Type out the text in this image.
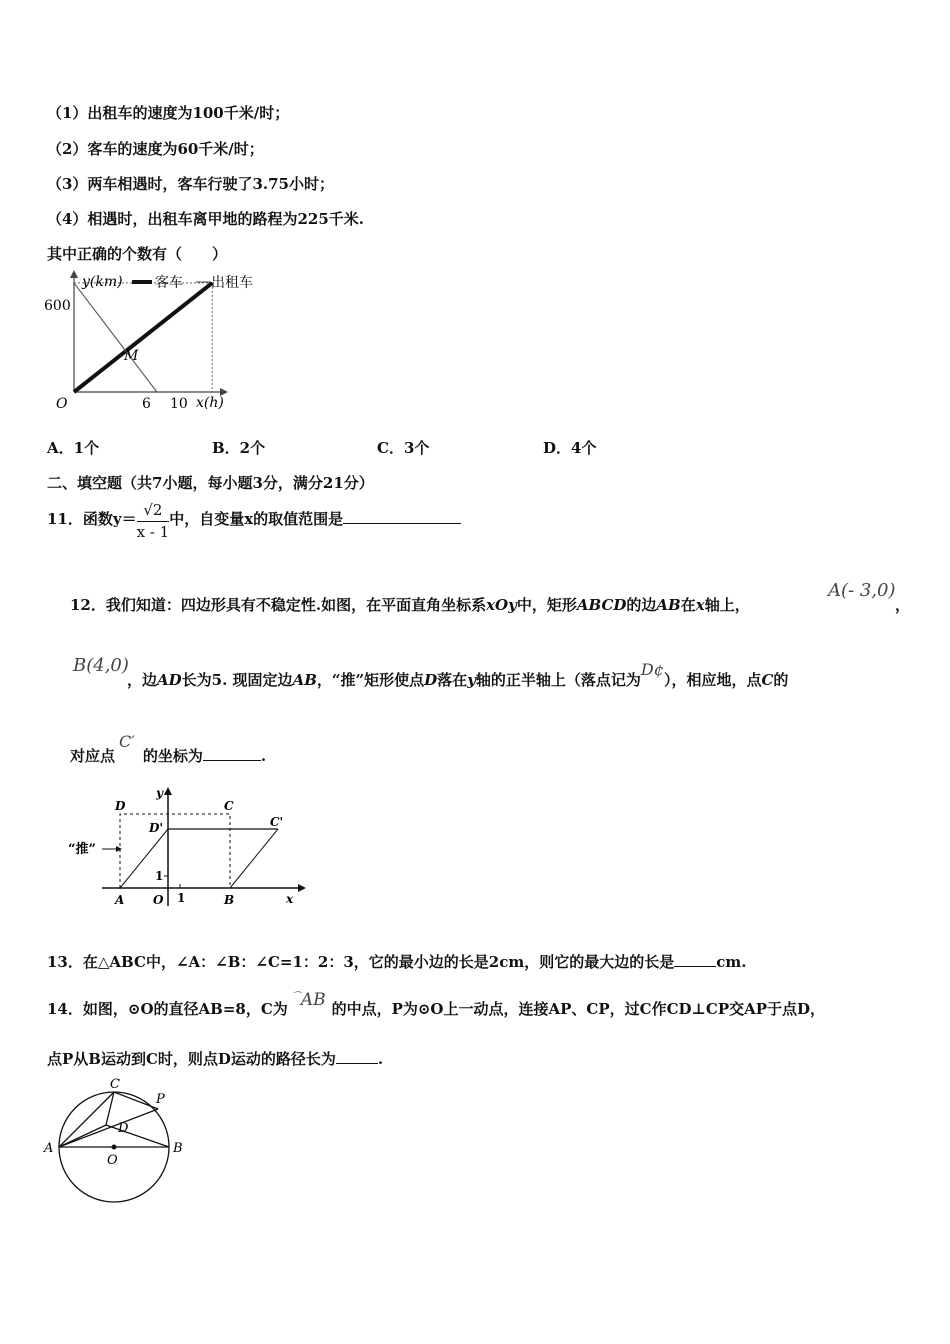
（1）出租车的速度为100千米/时；
（2）客车的速度为60千米/时；
（3）两车相遇时，客车行驶了3.75小时；
（4）相遇时，出租车离甲地的路程为225千米.
其中正确的个数有（　　）
y(km)
x(h)
600
O	6 10
M
客车 出租车
A．1个	B．2个	C．3个	D．4个
二、填空题（共7小题，每小题3分，满分21分）
11．函数$y= \frac{√2}{x - 1}$ 中，自变量x的取值范围是
12．我们知道：四边形具有不稳定性.如图，在平面直角坐标系xOy中，矩形ABCD的边AB在x轴上，
A(- 3,0)
，
B(4,0)
，边AD长为5. 现固定边AB，“推”矩形使点D落在y轴的正半轴上（落点记为D¢），相应地，点C的
对应点C′的坐标为	.
D	C
D'	C'
“推”
1
A O 1	B
y
x
13．在△ABC中，∠A：∠B：∠C=1：2：3，它的最小边的长是2cm，则它的最大边的长是	cm.
14．如图，⊙O的直径AB=8，C为⌒AB 的中点，P为⊙O上一动点，连接AP、CP，过C作CD⊥CP交AP于点D，
点P从B运动到C时，则点D运动的路径长为	.
A	B
C
P
D
O
